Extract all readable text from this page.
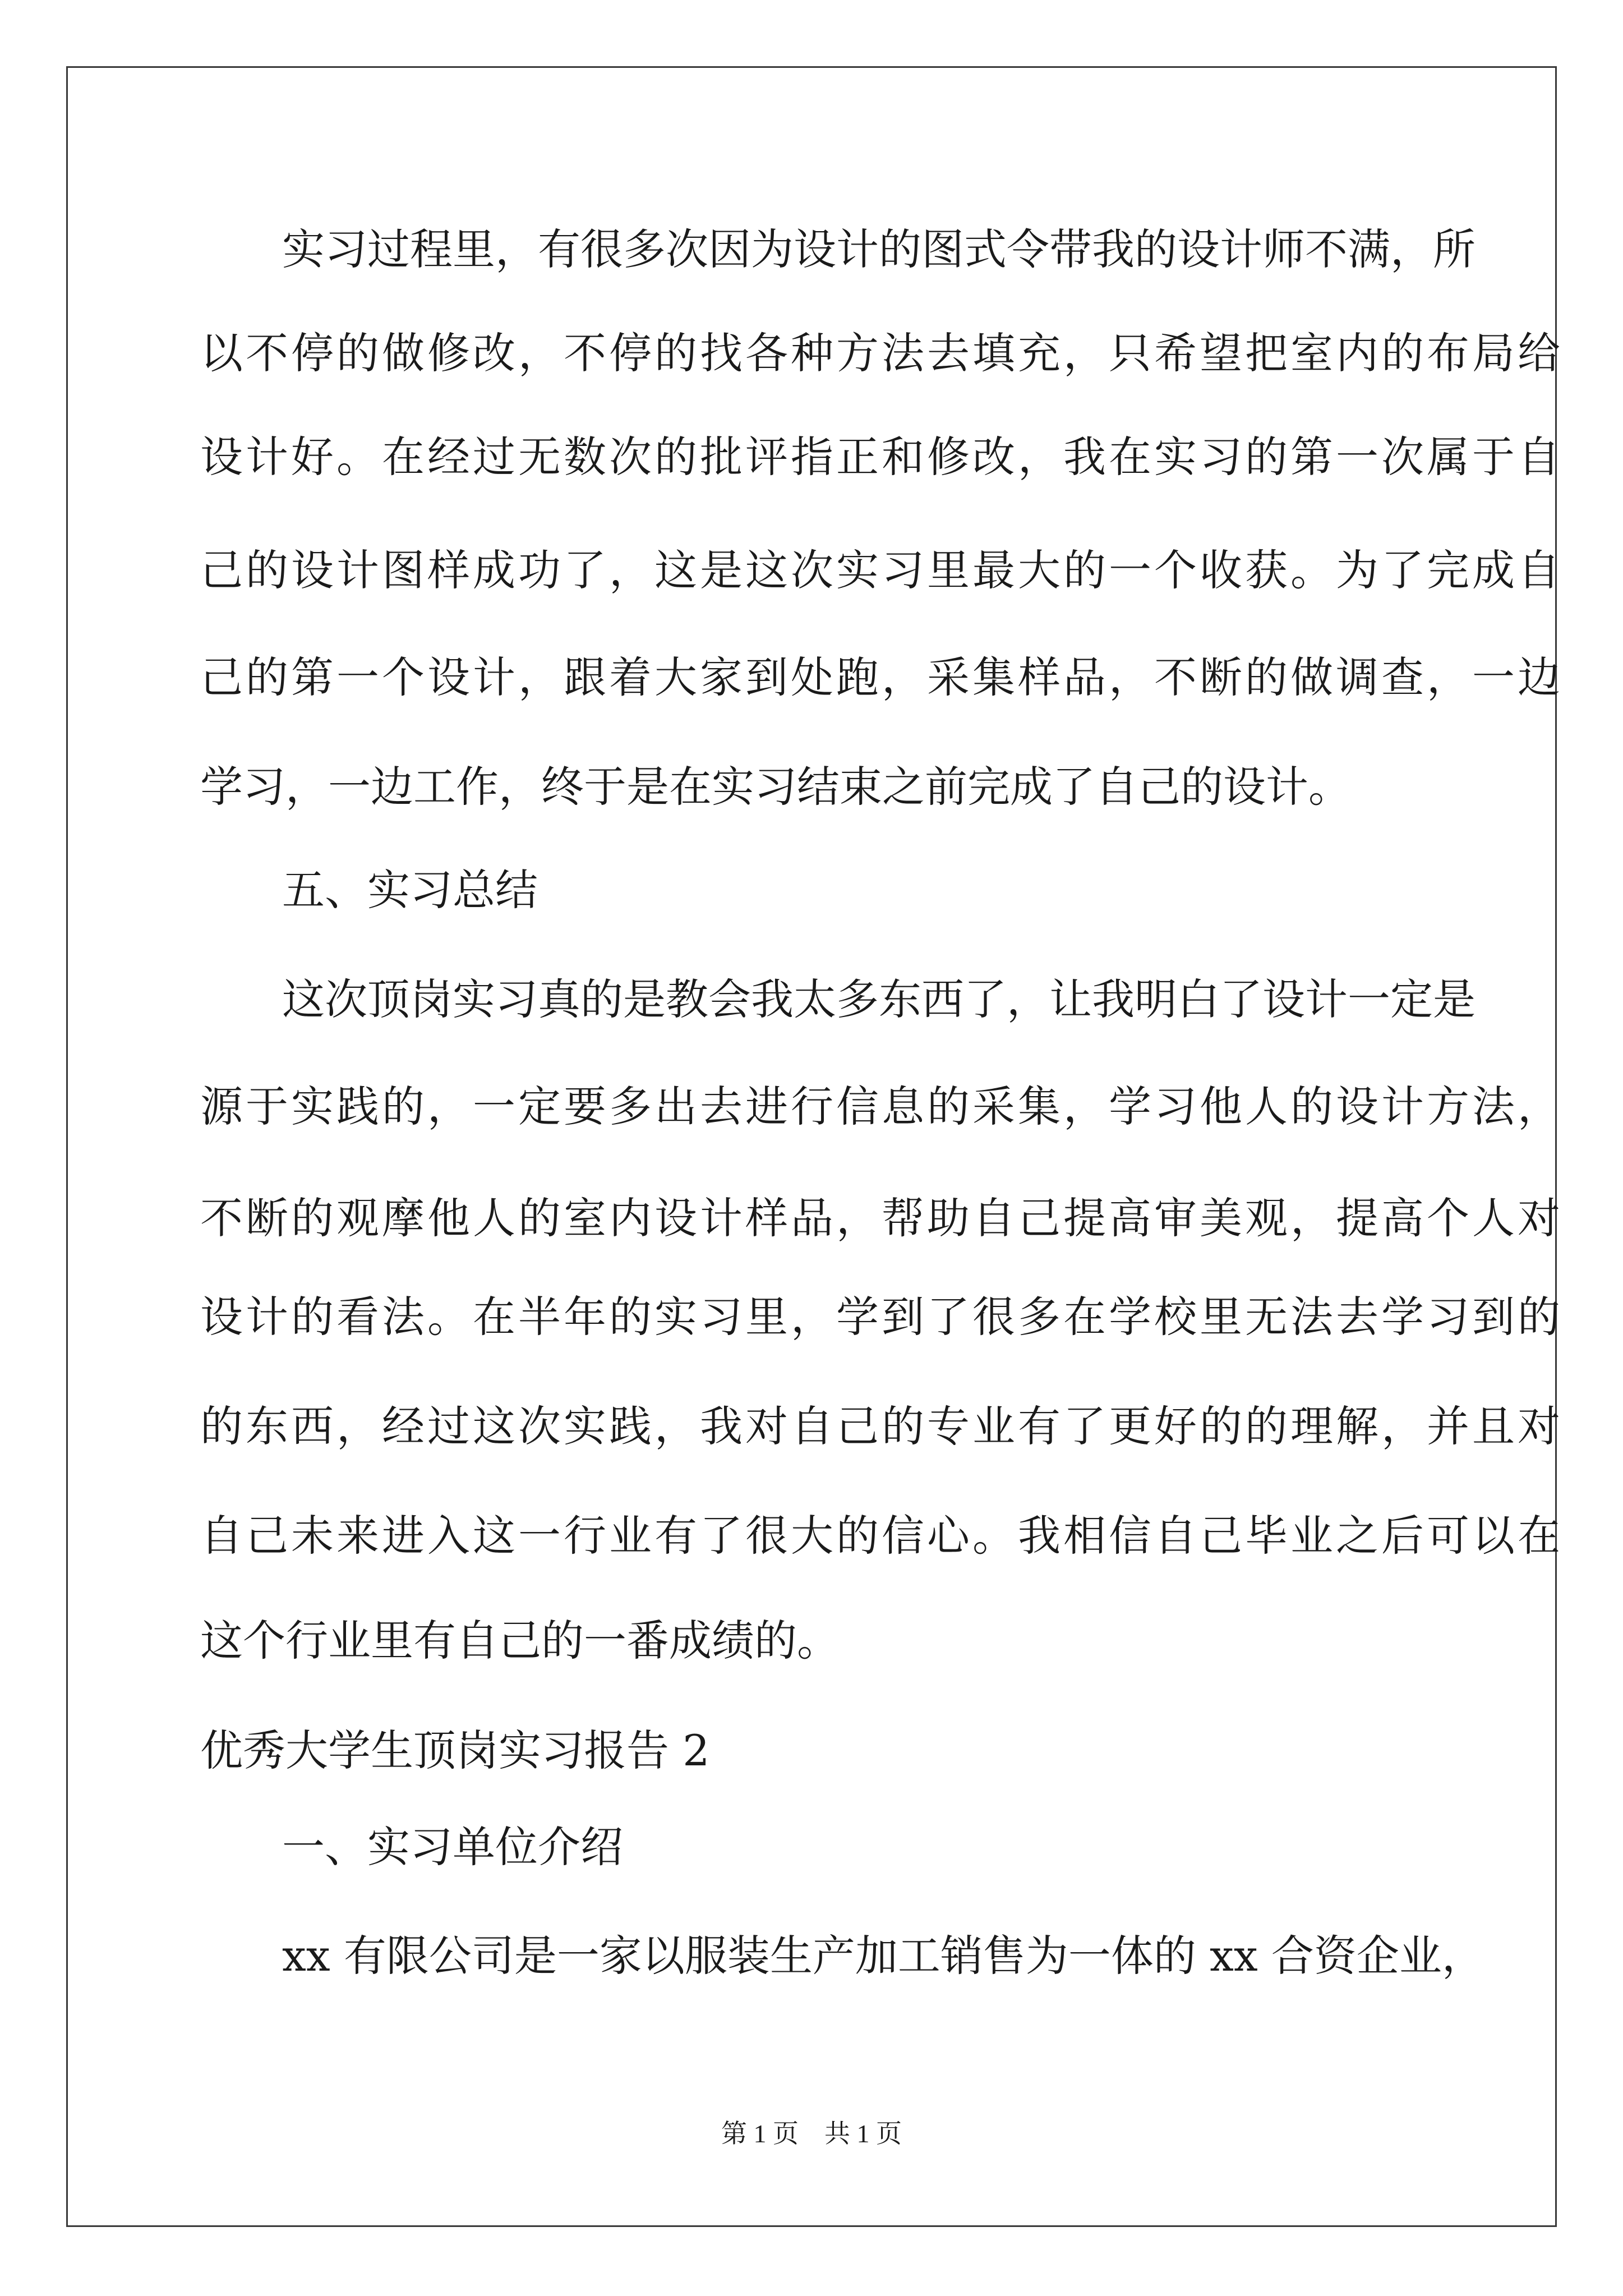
实习过程里，有很多次因为设计的图式令带我的设计师不满，所

以不停的做修改，不停的找各种方法去填充，只希望把室内的布局给

设计好。在经过无数次的批评指正和修改，我在实习的第一次属于自

己的设计图样成功了，这是这次实习里最大的一个收获。为了完成自

己的第一个设计，跟着大家到处跑，采集样品，不断的做调查，一边

学习，一边工作，终于是在实习结束之前完成了自己的设计。

五、实习总结

这次顶岗实习真的是教会我太多东西了，让我明白了设计一定是

源于实践的，一定要多出去进行信息的采集，学习他人的设计方法，

不断的观摩他人的室内设计样品，帮助自己提高审美观，提高个人对

设计的看法。在半年的实习里，学到了很多在学校里无法去学习到的

的东西，经过这次实践，我对自己的专业有了更好的的理解，并且对

自己未来进入这一行业有了很大的信心。我相信自己毕业之后可以在

这个行业里有自己的一番成绩的。

优秀大学生顶岗实习报告 2

一、实习单位介绍

xx 有限公司是一家以服装生产加工销售为一体的 xx 合资企业，

第 1 页　共 1 页
